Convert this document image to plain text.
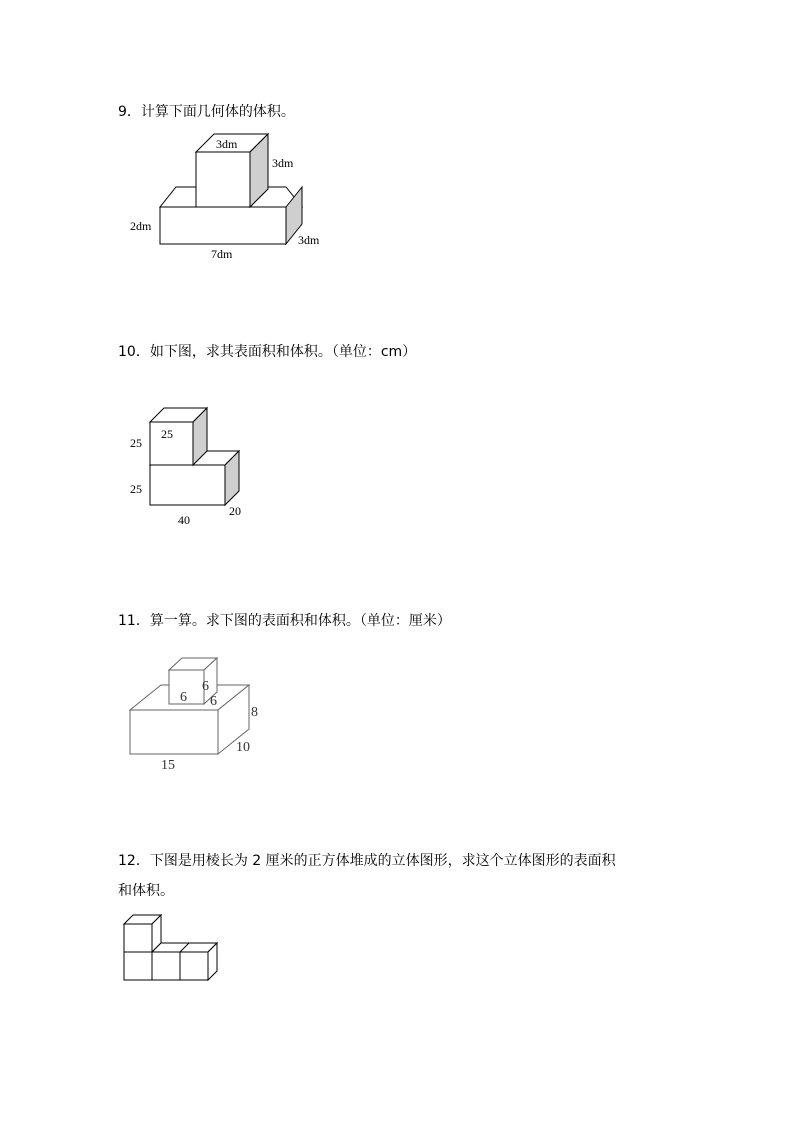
9．计算下面几何体的体积。
3dm
3dm
2dm
3dm
7dm
10．如下图，求其表面积和体积。（单位：cm）
25
25
25
40
20
11．算一算。求下图的表面积和体积。（单位：厘米）
6
6
6
8
10
15
12．下图是用棱长为 2 厘米的正方体堆成的立体图形，求这个立体图形的表面积
和体积。
